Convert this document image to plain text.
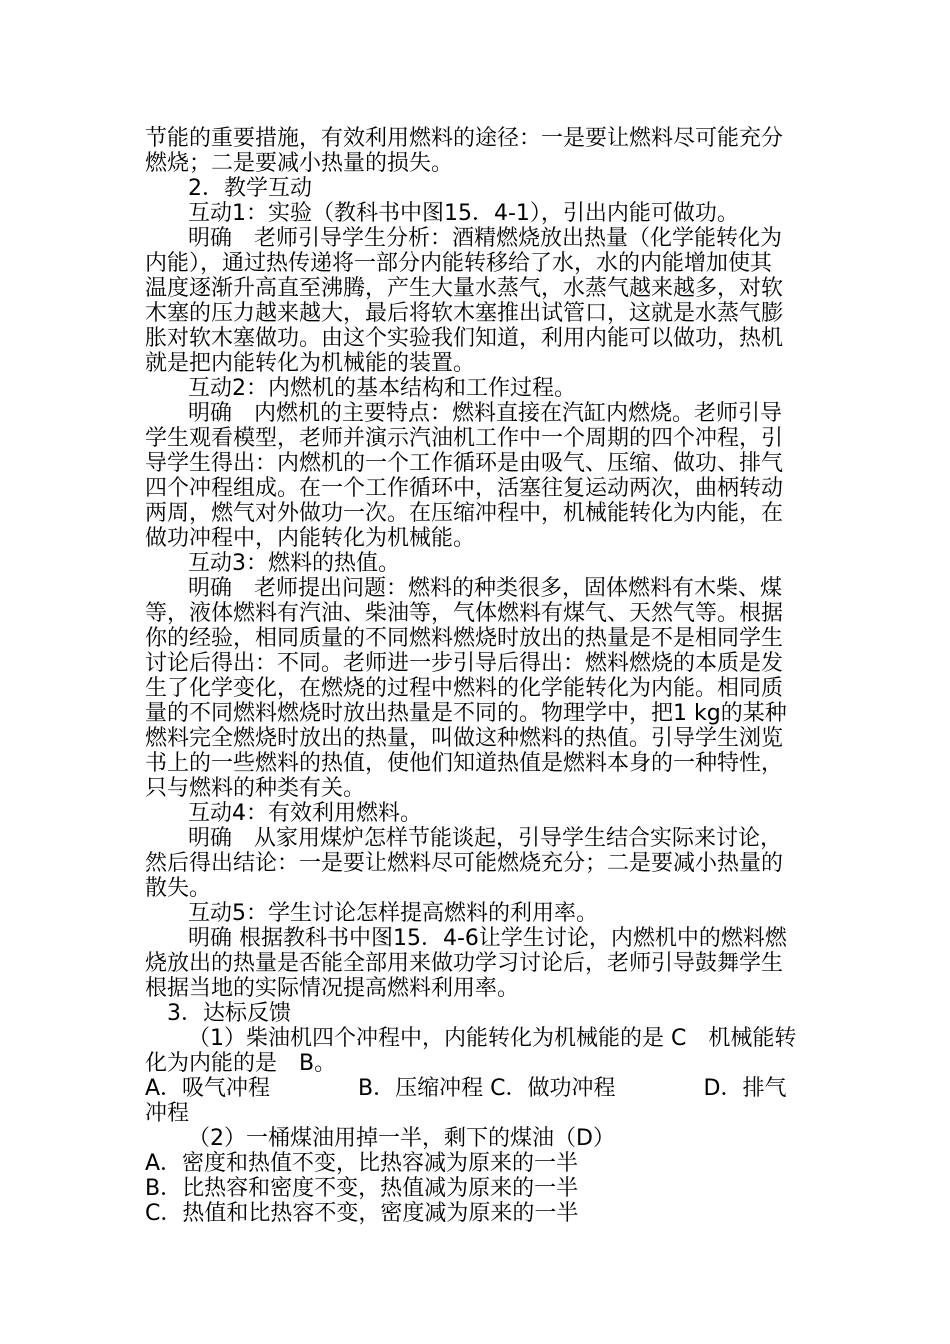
节能的重要措施，有效利用燃料的途径：一是要让燃料尽可能充分
燃烧；二是要减小热量的损失。
2．教学互动
互动1：实验（教科书中图15．4-1），引出内能可做功。
明确　老师引导学生分析：酒精燃烧放出热量（化学能转化为
内能），通过热传递将一部分内能转移给了水，水的内能增加使其
温度逐渐升高直至沸腾，产生大量水蒸气，水蒸气越来越多，对软
木塞的压力越来越大，最后将软木塞推出试管口，这就是水蒸气膨
胀对软木塞做功。由这个实验我们知道，利用内能可以做功，热机
就是把内能转化为机械能的装置。
互动2：内燃机的基本结构和工作过程。
明确　内燃机的主要特点：燃料直接在汽缸内燃烧。老师引导
学生观看模型，老师并演示汽油机工作中一个周期的四个冲程，引
导学生得出：内燃机的一个工作循环是由吸气、压缩、做功、排气
四个冲程组成。在一个工作循环中，活塞往复运动两次，曲柄转动
两周，燃气对外做功一次。在压缩冲程中，机械能转化为内能，在
做功冲程中，内能转化为机械能。
互动3：燃料的热值。
明确　老师提出问题：燃料的种类很多，固体燃料有木柴、煤
等，液体燃料有汽油、柴油等，气体燃料有煤气、天然气等。根据
你的经验，相同质量的不同燃料燃烧时放出的热量是不是相同学生
讨论后得出：不同。老师进一步引导后得出：燃料燃烧的本质是发
生了化学变化，在燃烧的过程中燃料的化学能转化为内能。相同质
量的不同燃料燃烧时放出热量是不同的。物理学中，把1 kg的某种
燃料完全燃烧时放出的热量，叫做这种燃料的热值。引导学生浏览
书上的一些燃料的热值，使他们知道热值是燃料本身的一种特性，
只与燃料的种类有关。
互动4：有效利用燃料。
明确　从家用煤炉怎样节能谈起，引导学生结合实际来讨论，
然后得出结论：一是要让燃料尽可能燃烧充分；二是要减小热量的
散失。
互动5：学生讨论怎样提高燃料的利用率。
明确 根据教科书中图15．4-6让学生讨论，内燃机中的燃料燃
烧放出的热量是否能全部用来做功学习讨论后，老师引导鼓舞学生
根据当地的实际情况提高燃料利用率。
3．达标反馈
（1）柴油机四个冲程中，内能转化为机械能的是 C　机械能转
化为内能的是　B。
A．吸气冲程　　　　B．压缩冲程 C．做功冲程　　　　D．排气
冲程
（2）一桶煤油用掉一半，剩下的煤油（D）
A．密度和热值不变，比热容减为原来的一半
B．比热容和密度不变，热值减为原来的一半
C．热值和比热容不变，密度减为原来的一半
